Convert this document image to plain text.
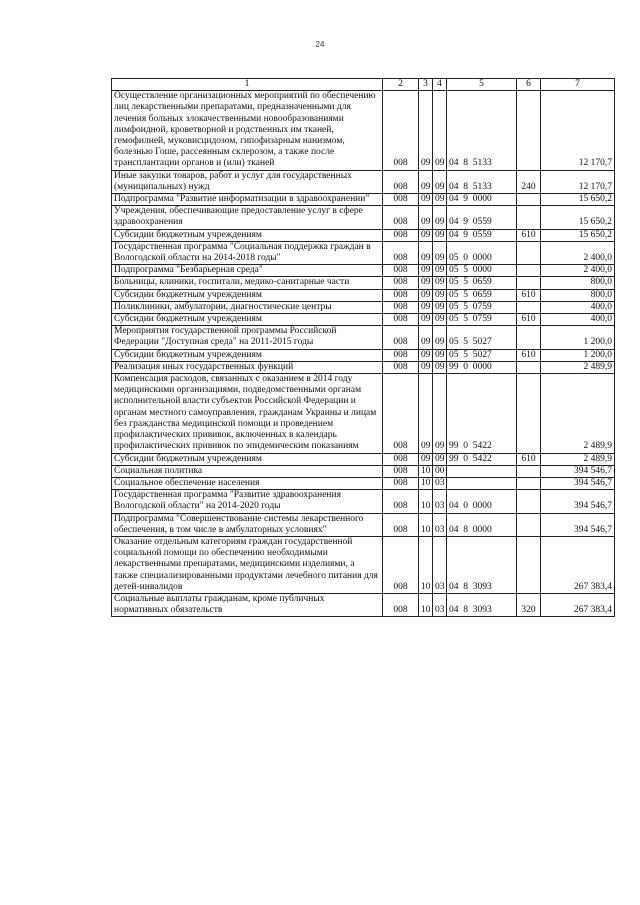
24
1	2	3	4	5	6	7
Осуществление организационных мероприятий по обеспечению лиц лекарственными препаратами, предназначенными для лечения больных злокачественными новообразованиями лимфоидной, кроветворной и родственных им тканей, гемофилией, муковисцидозом, гипофизарным нанизмом, болезнью Гоше, рассеянным склерозом, а также после трансплантации органов и (или) тканей	008	09	09	04  8  5133		12 170,7
Иные закупки товаров, работ и услуг для государственных (муниципальных) нужд	008	09	09	04  8  5133	240	12 170,7
Подпрограмма "Развитие информатизации в здравоохранении"	008	09	09	04  9  0000		15 650,2
Учреждения, обеспечивающие предоставление услуг в сфере здравоохранения	008	09	09	04  9  0559		15 650,2
Субсидии бюджетным учреждениям	008	09	09	04  9  0559	610	15 650,2
Государственная программа "Социальная поддержка граждан в Вологодской области на 2014-2018 годы"	008	09	09	05  0  0000		2 400,0
Подпрограмма "Безбарьерная среда"	008	09	09	05  5  0000		2 400,0
Больницы, клиники, госпитали, медико-санитарные части	008	09	09	05  5  0659		800,0
Субсидии бюджетным учреждениям	008	09	09	05  5  0659	610	800,0
Поликлиники, амбулатории, диагностические центры	008	09	09	05  5  0759		400,0
Субсидии бюджетным учреждениям	008	09	09	05  5  0759	610	400,0
Мероприятия государственной программы Российской Федерации "Доступная среда" на 2011-2015 годы	008	09	09	05  5  5027		1 200,0
Субсидии бюджетным учреждениям	008	09	09	05  5  5027	610	1 200,0
Реализация иных государственных функций	008	09	09	99  0  0000		2 489,9
Компенсация расходов, связанных с оказанием в 2014 году медицинскими организациями, подведомственными органам исполнительной власти субъектов Российской Федерации и органам местного самоуправления, гражданам Украины и лицам без гражданства медицинской помощи и проведением профилактических прививок, включенных в календарь профилактических прививок по эпидемическим показаниям	008	09	09	99  0  5422		2 489,9
Субсидии бюджетным учреждениям	008	09	09	99  0  5422	610	2 489,9
Социальная политика	008	10	00			394 546,7
Социальное обеспечение населения	008	10	03			394 546,7
Государственная программа "Развитие здравоохранения Вологодской области" на 2014-2020 годы	008	10	03	04  0  0000		394 546,7
Подпрограмма "Совершенствование системы лекарственного обеспечения, в том числе в амбулаторных условиях"	008	10	03	04  8  0000		394 546,7
Оказание отдельным категориям граждан государственной социальной помощи по обеспечению необходимыми лекарственными препаратами, медицинскими изделиями, а также специализированными продуктами лечебного питания для детей-инвалидов	008	10	03	04  8  3093		267 383,4
Социальные выплаты гражданам, кроме публичных нормативных обязательств	008	10	03	04  8  3093	320	267 383,4
